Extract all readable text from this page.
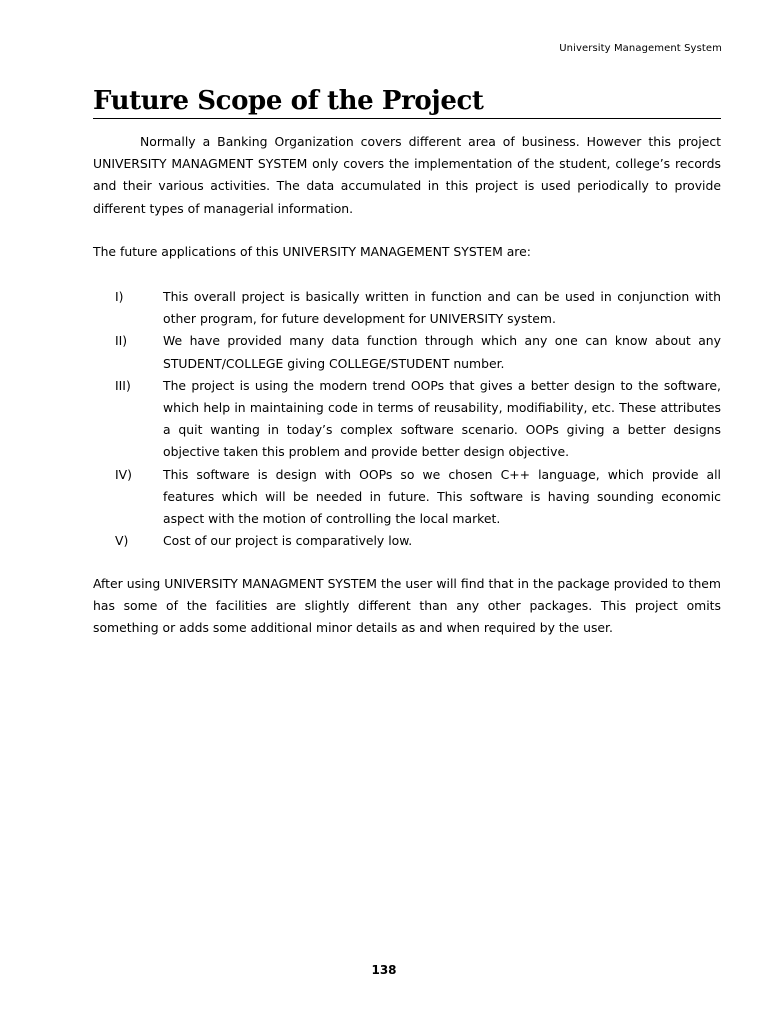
University Management System
Future Scope of the Project

Normally a Banking Organization covers different area of business. However this project UNIVERSITY MANAGMENT SYSTEM only covers the implementation of the student, college’s records and their various activities. The data accumulated in this project is used periodically to provide different types of managerial information.

The future applications of this UNIVERSITY MANAGEMENT SYSTEM are:

I)	This overall project is basically written in function and can be used in conjunction with other program, for future development for UNIVERSITY system.
II)	We have provided many data function through which any one can know about any STUDENT/COLLEGE giving COLLEGE/STUDENT number.
III)	The project is using the modern trend OOPs that gives a better design to the software, which help in maintaining code in terms of reusability, modifiability, etc. These attributes a quit wanting in today’s complex software scenario. OOPs giving a better designs objective taken this problem and provide better design objective.
IV)	This software is design with OOPs so we chosen C++ language, which provide all features which will be needed in future. This software is having sounding economic aspect with the motion of controlling the local market.
V)	Cost of our project is comparatively low.

After using UNIVERSITY MANAGMENT SYSTEM the user will find that in the package provided to them has some of the facilities are slightly different than any other packages. This project omits something or adds some additional minor details as and when required by the user.

138
